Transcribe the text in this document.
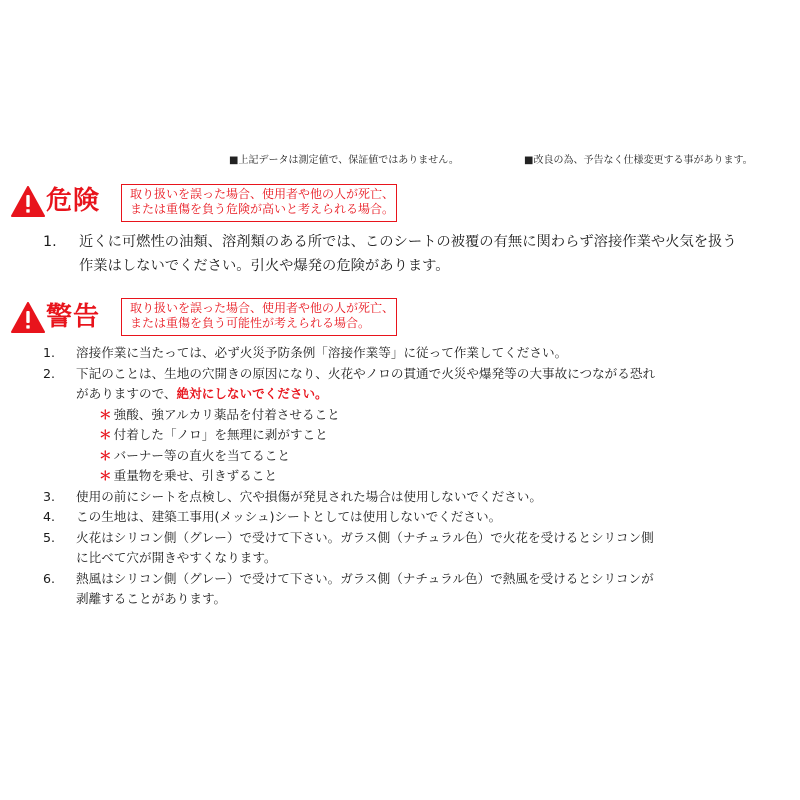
■上記データは測定値で、保証値ではありません。	■改良の為、予告なく仕様変更する事があります。
危険 取り扱いを誤った場合、使用者や他の人が死亡、
または重傷を負う危険が高いと考えられる場合。
1. 近くに可燃性の油類、溶剤類のある所では、このシートの被覆の有無に関わらず溶接作業や火気を扱う
作業はしないでください。引火や爆発の危険があります。
警告 取り扱いを誤った場合、使用者や他の人が死亡、
または重傷を負う可能性が考えられる場合。
1. 溶接作業に当たっては、必ず火災予防条例「溶接作業等」に従って作業してください。
2. 下記のことは、生地の穴開きの原因になり、火花やノロの貫通で火災や爆発等の大事故につながる恐れ
がありますので、絶対にしないでください。
＊ 強酸、強アルカリ薬品を付着させること
＊ 付着した「ノロ」を無理に剥がすこと
＊ バーナー等の直火を当てること
＊ 重量物を乗せ、引きずること
3. 使用の前にシートを点検し、穴や損傷が発見された場合は使用しないでください。
4. この生地は、建築工事用(メッシュ)シートとしては使用しないでください。
5. 火花はシリコン側（グレー）で受けて下さい。ガラス側（ナチュラル色）で火花を受けるとシリコン側
に比べて穴が開きやすくなります。
6. 熱風はシリコン側（グレー）で受けて下さい。ガラス側（ナチュラル色）で熱風を受けるとシリコンが
剥離することがあります。
